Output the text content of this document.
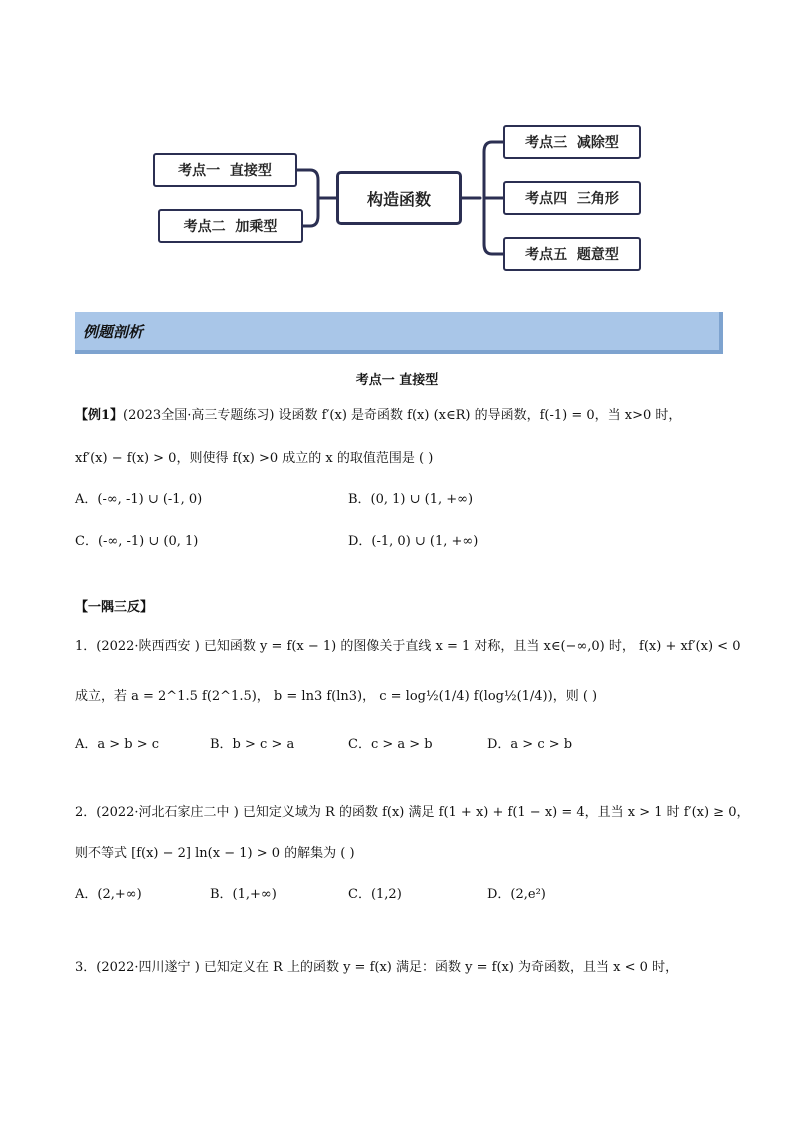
考点一  直接型
考点二  加乘型
构造函数
考点三  减除型
考点四  三角形
考点五  题意型
例题剖析
考点一 直接型
【例1】(2023全国·高三专题练习) 设函数 f′(x) 是奇函数 f(x) (x∈R) 的导函数，f(-1) = 0，当 x>0 时，
xf′(x) − f(x) > 0，则使得 f(x) >0 成立的 x 的取值范围是 ( )
A．(-∞, -1) ∪ (-1, 0)	B．(0, 1) ∪ (1, +∞)
C．(-∞, -1) ∪ (0, 1)	D．(-1, 0) ∪ (1, +∞)
【一隅三反】
1．(2022·陕西西安 ) 已知函数 y = f(x − 1) 的图像关于直线 x = 1 对称，且当 x∈(−∞,0) 时， f(x) + xf′(x) < 0
成立，若 a = 2^1.5 f(2^1.5)， b = ln3 f(ln3)， c = log½(1/4) f(log½(1/4))，则 ( )
A．a > b > c	B．b > c > a	C．c > a > b	D．a > c > b
2．(2022·河北石家庄二中 ) 已知定义域为 R 的函数 f(x) 满足 f(1 + x) + f(1 − x) = 4，且当 x > 1 时 f′(x) ≥ 0，
则不等式 [f(x) − 2] ln(x − 1) > 0 的解集为 ( )
A．(2,+∞)	B．(1,+∞)	C．(1,2)	D．(2,e²)
3．(2022·四川遂宁 ) 已知定义在 R 上的函数 y = f(x) 满足：函数 y = f(x) 为奇函数，且当 x < 0 时，
